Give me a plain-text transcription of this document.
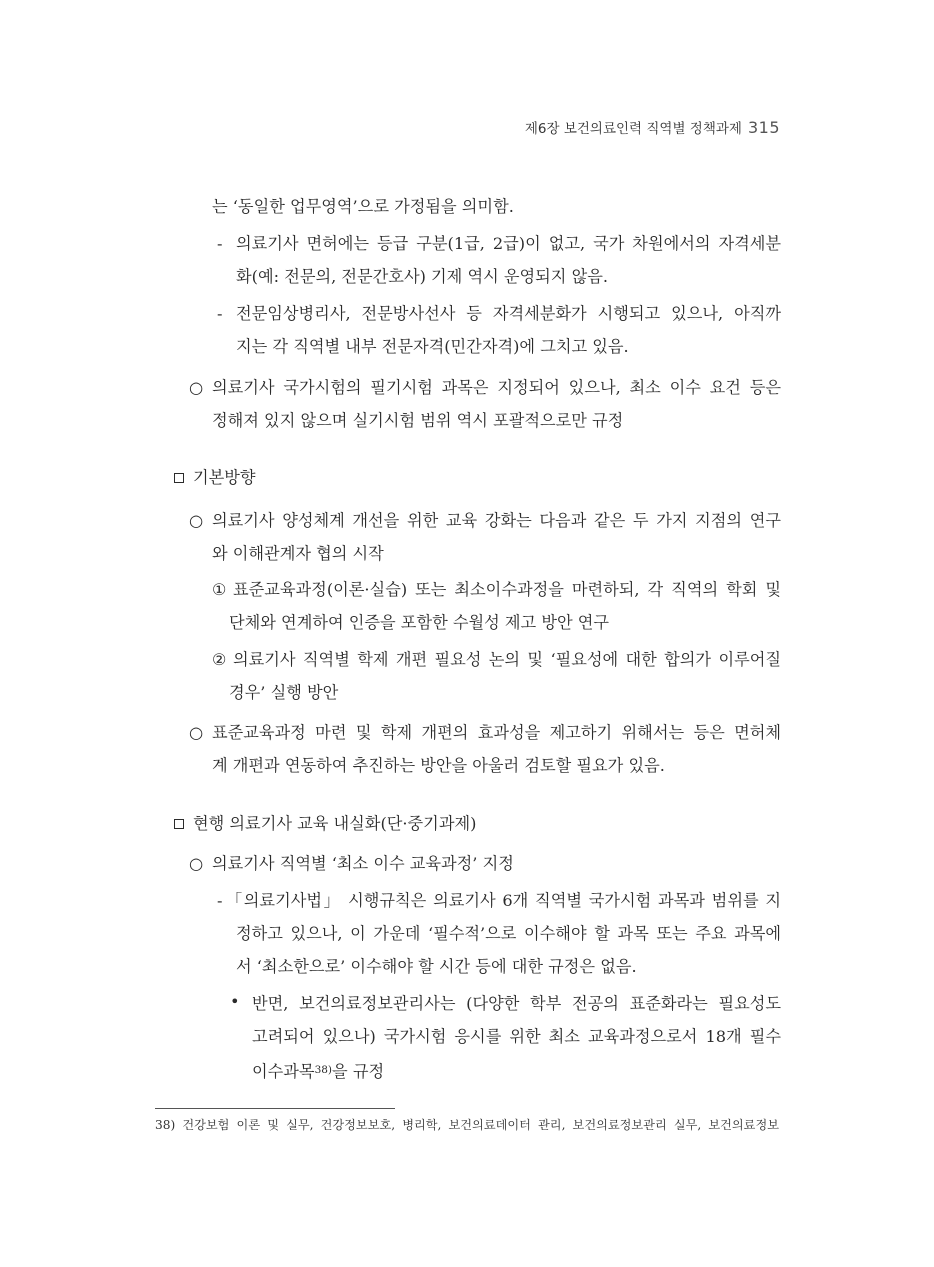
제6장 보건의료인력 직역별 정책과제 315
는 ‘동일한 업무영역’으로 가정됨을 의미함.
- 의료기사 면허에는 등급 구분(1급, 2급)이 없고, 국가 차원에서의 자격세분
화(예: 전문의, 전문간호사) 기제 역시 운영되지 않음.
- 전문임상병리사, 전문방사선사 등 자격세분화가 시행되고 있으나, 아직까
지는 각 직역별 내부 전문자격(민간자격)에 그치고 있음.
○ 의료기사 국가시험의 필기시험 과목은 지정되어 있으나, 최소 이수 요건 등은
정해져 있지 않으며 실기시험 범위 역시 포괄적으로만 규정
기본방향
○ 의료기사 양성체계 개선을 위한 교육 강화는 다음과 같은 두 가지 지점의 연구
와 이해관계자 협의 시작
① 표준교육과정(이론·실습) 또는 최소이수과정을 마련하되, 각 직역의 학회 및
단체와 연계하여 인증을 포함한 수월성 제고 방안 연구
② 의료기사 직역별 학제 개편 필요성 논의 및 ‘필요성에 대한 합의가 이루어질
경우’ 실행 방안
○ 표준교육과정 마련 및 학제 개편의 효과성을 제고하기 위해서는 등은 면허체
계 개편과 연동하여 추진하는 방안을 아울러 검토할 필요가 있음.
현행 의료기사 교육 내실화(단·중기과제)
○ 의료기사 직역별 ‘최소 이수 교육과정’ 지정
- 「의료기사법」 시행규칙은 의료기사 6개 직역별 국가시험 과목과 범위를 지
정하고 있으나, 이 가운데 ‘필수적’으로 이수해야 할 과목 또는 주요 과목에
서 ‘최소한으로’ 이수해야 할 시간 등에 대한 규정은 없음.
• 반면, 보건의료정보관리사는 (다양한 학부 전공의 표준화라는 필요성도
고려되어 있으나) 국가시험 응시를 위한 최소 교육과정으로서 18개 필수
이수과목$^{38)}$을 규정
38) 건강보험 이론 및 실무, 건강정보보호, 병리학, 보건의료데이터 관리, 보건의료정보관리 실무, 보건의료정보
